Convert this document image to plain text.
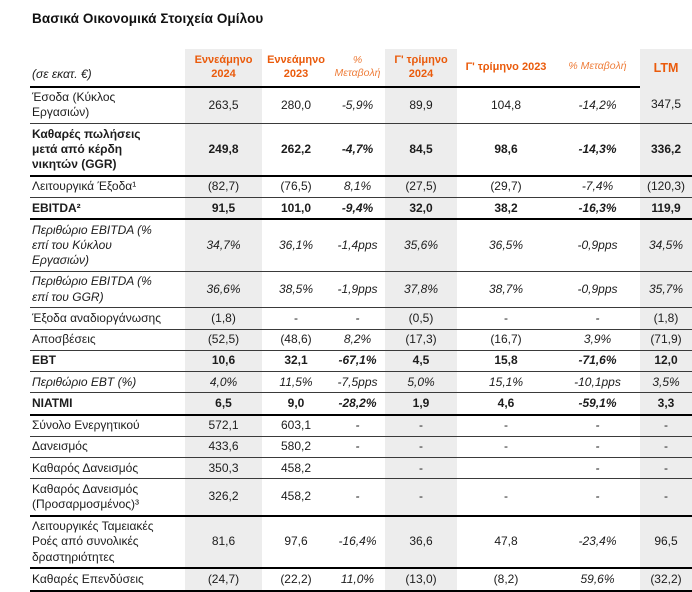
Βασικά Οικονομικά Στοιχεία Ομίλου
(σε εκατ. €)	Εννεάμηνο 2024	Εννεάμηνο 2023	% Μεταβολή	Γ' τρίμηνο 2024	Γ' τρίμηνο 2023	% Μεταβολή	LTM
Έσοδα (Κύκλος Εργασιών)	263,5	280,0	-5,9%	89,9	104,8	-14,2%	347,5
Καθαρές πωλήσεις μετά από κέρδη νικητών (GGR)	249,8	262,2	-4,7%	84,5	98,6	-14,3%	336,2
Λειτουργικά Έξοδα¹	(82,7)	(76,5)	8,1%	(27,5)	(29,7)	-7,4%	(120,3)
EBITDA²	91,5	101,0	-9,4%	32,0	38,2	-16,3%	119,9
Περιθώριο EBITDA (% επί του Κύκλου Εργασιών)	34,7%	36,1%	-1,4pps	35,6%	36,5%	-0,9pps	34,5%
Περιθώριο EBITDA (% επί του GGR)	36,6%	38,5%	-1,9pps	37,8%	38,7%	-0,9pps	35,7%
Έξοδα αναδιοργάνωσης	(1,8)	-	-	(0,5)	-	-	(1,8)
Αποσβέσεις	(52,5)	(48,6)	8,2%	(17,3)	(16,7)	3,9%	(71,9)
EBT	10,6	32,1	-67,1%	4,5	15,8	-71,6%	12,0
Περιθώριο EBT (%)	4,0%	11,5%	-7,5pps	5,0%	15,1%	-10,1pps	3,5%
NIATMI	6,5	9,0	-28,2%	1,9	4,6	-59,1%	3,3
Σύνολο Ενεργητικού	572,1	603,1	-	-	-	-	-
Δανεισμός	433,6	580,2	-	-	-	-	-
Καθαρός Δανεισμός	350,3	458,2		-		-	-
Καθαρός Δανεισμός (Προσαρμοσμένος)³	326,2	458,2	-	-	-	-	-
Λειτουργικές Ταμειακές Ροές από συνολικές δραστηριότητες	81,6	97,6	-16,4%	36,6	47,8	-23,4%	96,5
Καθαρές Επενδύσεις	(24,7)	(22,2)	11,0%	(13,0)	(8,2)	59,6%	(32,2)
